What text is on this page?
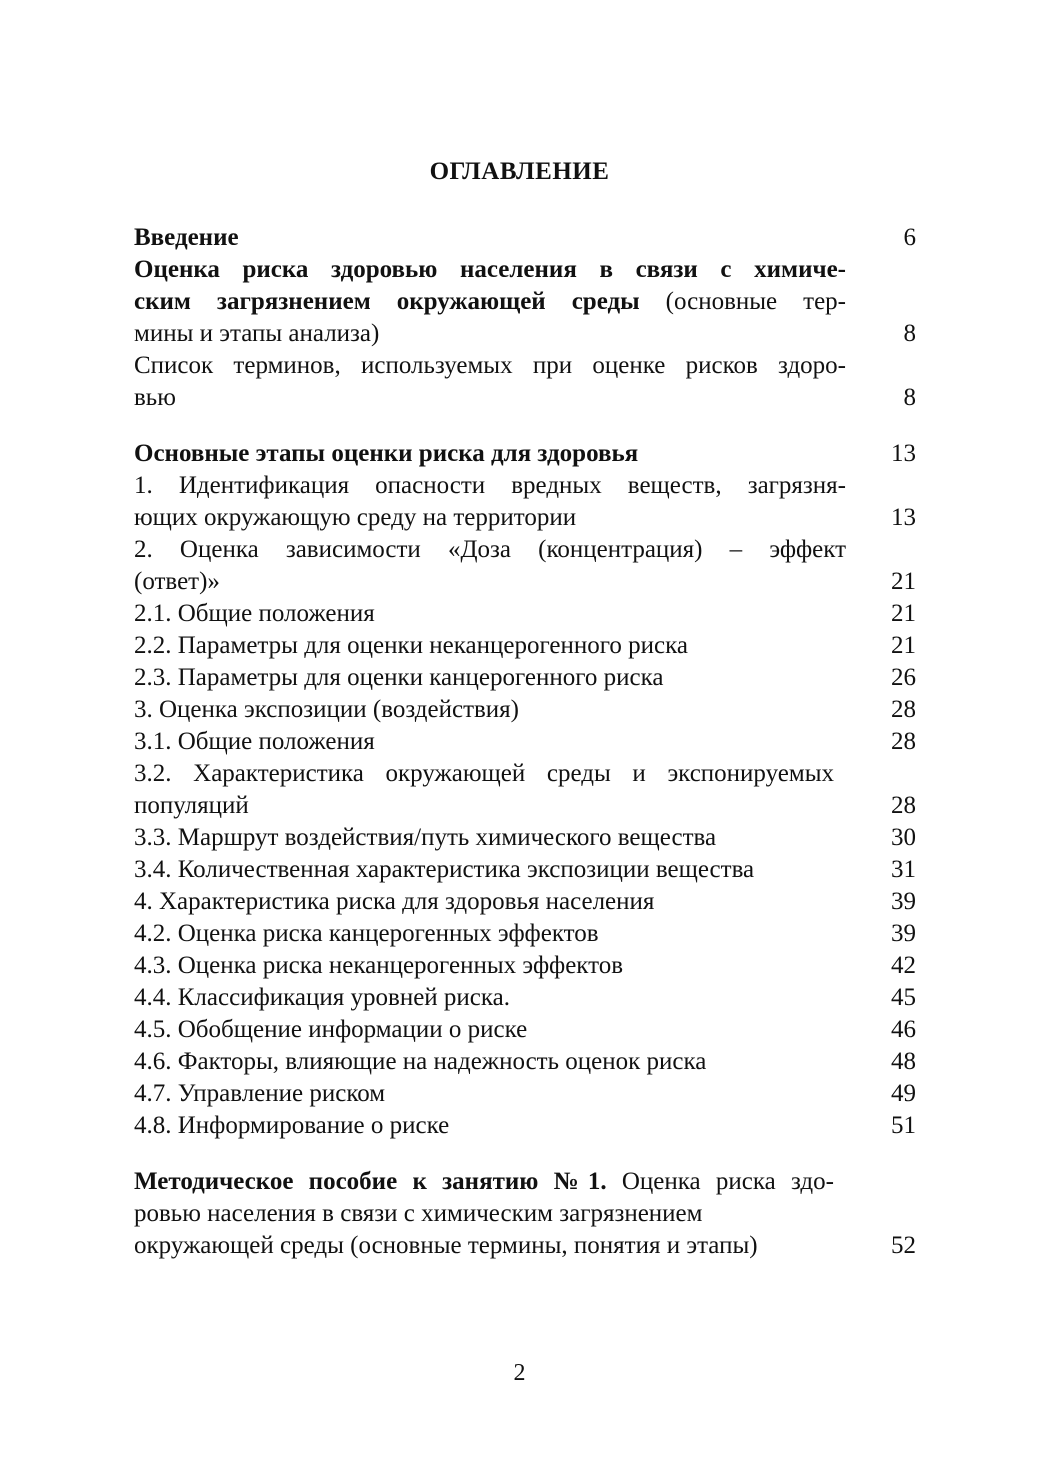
ОГЛАВЛЕНИЕ
Введение	6
Оценка риска здоровью населения в связи с химиче-
ским загрязнением окружающей среды (основные тер-
мины и этапы анализа)	8
Список терминов, используемых при оценке рисков здоро-
вью	8
Основные этапы оценки риска для здоровья	13
1. Идентификация опасности вредных веществ, загрязня-
ющих окружающую среду на территории	13
2. Оценка зависимости «Доза (концентрация) – эффект
(ответ)»	21
2.1. Общие положения	21
2.2. Параметры для оценки неканцерогенного риска	21
2.3. Параметры для оценки канцерогенного риска	26
3. Оценка экспозиции (воздействия)	28
3.1. Общие положения	28
3.2. Характеристика окружающей среды и экспонируемых
популяций	28
3.3. Маршрут воздействия/путь химического вещества	30
3.4. Количественная характеристика экспозиции вещества	31
4. Характеристика риска для здоровья населения	39
4.2. Оценка риска канцерогенных эффектов	39
4.3. Оценка риска неканцерогенных эффектов	42
4.4. Классификация уровней риска.	45
4.5. Обобщение информации о риске	46
4.6. Факторы, влияющие на надежность оценок риска	48
4.7. Управление риском	49
4.8. Информирование о риске	51
Методическое пособие к занятию №1. Оценка риска здо-
ровью населения в связи с химическим загрязнением
окружающей среды (основные термины, понятия и этапы)	52
2
